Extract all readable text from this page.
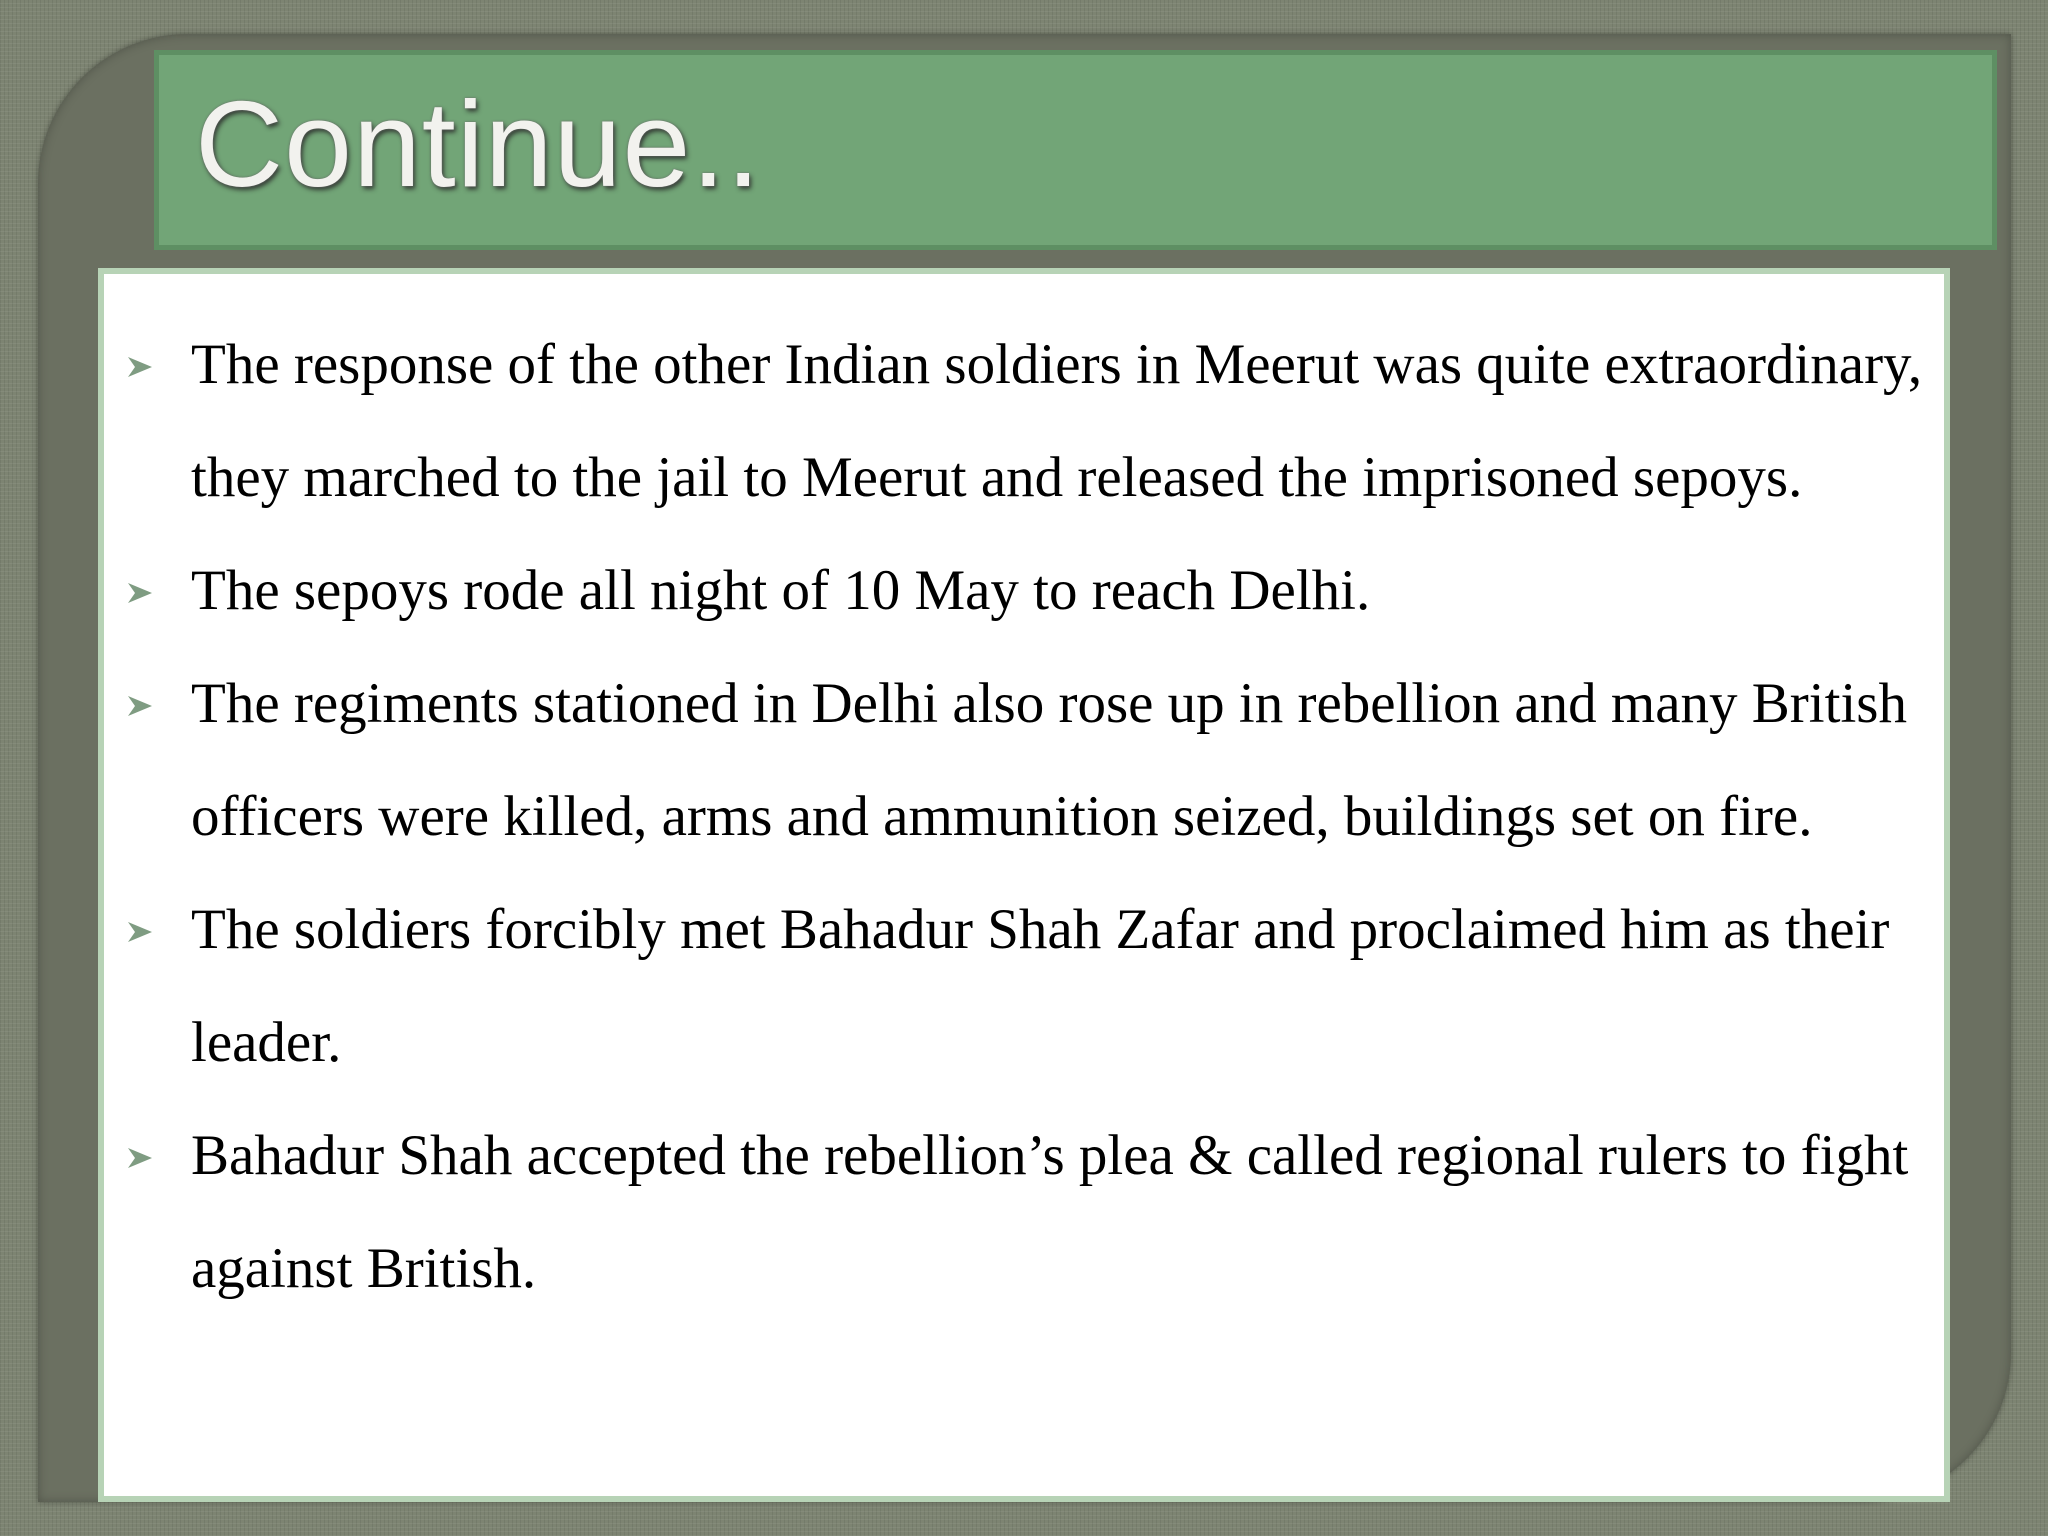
Continue..
The response of the other Indian soldiers in Meerut was quite extraordinary, they marched to the jail to Meerut and released the imprisoned sepoys.
The sepoys rode all night of 10 May to reach Delhi.
The regiments stationed in Delhi also rose up in rebellion and many British officers were killed, arms and ammunition seized, buildings set on fire.
The soldiers forcibly met Bahadur Shah Zafar and proclaimed him as their leader.
Bahadur Shah accepted the rebellion’s plea & called regional rulers to fight against British.
